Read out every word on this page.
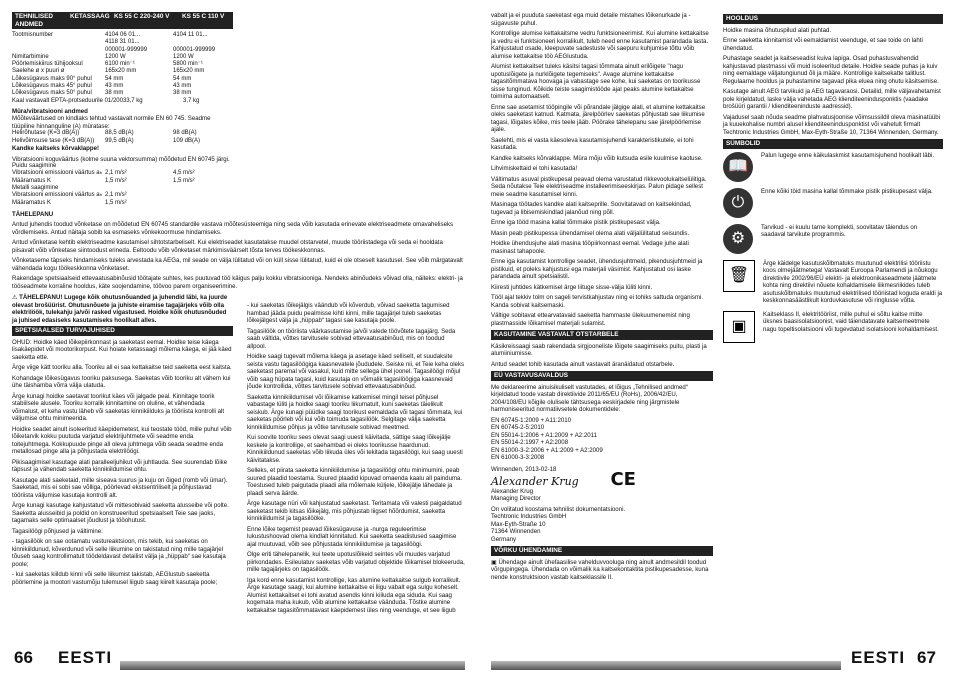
TEHNILISED ANDMED
KETASSAAG KS 55 C 220-240 V	KS 55 C 110 V
Tootmisnumber	4104 06 01...	4104 11 01...
4118 31 01...
000001-999999	000001-999999
Nimitarbimine	1200 W	1200 W
Pöörlemiskiirus tühijooksul	6100 min⁻¹	5800 min⁻¹
Saelehe ø x puuri ø	165x20 mm	165x20 mm
Lõikesügavus maks 90° puhul	54 mm	54 mm
Lõikesügavus maks 45° puhul	43 mm	43 mm
Lõikesügavus maks 50° puhul	38 mm	38 mm
Kaal vastavalt EPTA-protseduurile 01/2003 3,7 kg	3,7 kg

Müra/vibratsiooni andmed

Mõõteväärtused on kindlaks tehtud vastavalt normile EN 60 745. Seadme tüüpiline hinnanguline (A) müratase:

Helirõhutase (K=3 dB(A))	88,5 dB(A)	98 dB(A)
Helivõimsuse tase (K=3 dB(A))	99,5 dB(A)	109 dB(A)

Kandke kaitseks kõrvaklappe!

Vibratsiooni koguväärtus (kolme suuna vektorsumma) mõõdetud EN 60745 järgi.

Puidu saagimine
Vibratsiooni emissiooni väärtus aₕ 2,1 m/s²	4,5 m/s²
Määramatus K	1,5 m/s²	1,5 m/s²
Metalli saagimine
Vibratsiooni emissiooni väärtus aₕ 2,1 m/s²
Määramatus K	1,5 m/s²

TÄHELEPANU

Antud juhendis toodud võnketase on mõõdetud EN 60745 standardile vastava mõõtesüsteemiga ning seda võib kasutada erinevate elektriseadmete omavaheliseks võrdlemiseks. Antud näitaja sobib ka esmaseks võnkekoormuse hindamiseks.

Antud võnketase kehtib elektriseadme kasutamisel sihtotstarbeliselt. Kui elektriseadet kasutatakse muudel otstarvetel, muude tööriistadega või seda ei hooldata piisavalt võib võnketase siintoodust erineda. Eeltoodu võib võnketaset märkimisväärselt tõsta terves töökeskkonnas.

Võnketaseme täpseks hindamiseks tuleks arvestada ka AEGa, mil seade on välja lülitatud või on küll sisse lülitatud, kuid ei ole otseselt kasutusel. See võib märgatavalt vähendada kogu töökeskkonna võnketaset.

Rakendage spetsiaalseid ettevaatusabinõusid töötajate suhtes, kes puutuvad töö käigus palju kokku vibratsiooniga. Nendeks abinõudeks võivad olla, näiteks: elektri- ja tööseadmete korraline hooldus, käte soojendamine, töövoo parem organiseerimine.

⚠ TÄHELEPANU! Lugege kõik ohutusnõuanded ja juhendid läbi, ka juurde olevast brošüürist. Ohutusnõuete ja juhiste eiramise tagajärjeks võib olla elektrilöök, tulekahju ja/või rasked vigastused. Hoidke kõik ohutusnõuded ja juhised edasiseks kasutamiseks hoolikalt alles.
SPETSIAALSED TURVAJUHISED

OHUD: Hoidke käed lõikepiirkonnast ja saeketast eemal. Hoidke teise käega lisakäepidet või mootorikorpust. Kui hoiate ketassaagi mõlema käega, ei jää käed saeketta ette.

Ärge viige kätt tooriku alla. Tooriku all ei saa kettakaitse teid saeketta eest kaitsta.

Kohandage lõikesügavus tooriku paksusega. Saeketas võib tooriku alt vähem kui ühe täishamba võrra välja ulatuda.

Ärge kunagi hoidke saetavat toorikut käes või jalgade peal. Kinnitage toorik stabiilsele alusele. Tooriku korralik kinnitamine on oluline, et vähendada võimalust, et keha vastu läheb või saeketas kinnikiilduks ja tööriista kontrolli alt väljumise ohtu minimeerida.

Hoidke seadet ainult isoleeritud käepidemetest, kui teostate tööd, mille puhul võib lõiketarvik kokku puutuda varjatud elektrijuhtmete või seadme enda toitejuhtmega. Kokkupuude pinge all oleva juhtmega võib seada seadme enda metallosad pinge alla ja põhjustada elektrilöögi.

Pikisaagimisel kasutage alati paralleeljuhikut või juhtlauda. See suurendab lõike täpsust ja vähendab saeketta kinnikiildumise ohtu.

Kasutage alati saeketaid, mille siseava suurus ja kuju on õiged (romb või ümar). Saeketad, mis ei sobi sae võlliga, pöörlevad ekstsentriliselt ja põhjustavad tööriista väljumise kasutaja kontrolli alt.

Ärge kunagi kasutage kahjustatud või mittesobivaid saeketta alusseibe või polte. Saeketta alusseibid ja poldid on konstrueeritud spetsiaalselt Teie sae jaoks, tagamaks selle optimaalset jõudlust ja tööohutust.

Tagasilöögi põhjused ja vältimine:

- tagasilöök on sae ootamatu vastureaktsioon, mis tekib, kui saeketas on kinnikiildunud, kõverdunud või selle liikumine on takistatud ning mille tagajärjel tõuseb saag kontrollimatult töödeldavast detailist välja ja „hüppab“ sae kasutaja poole;

- kui saeketas kiildub kinni või selle liikumist takistab, AEGlustub saeketta pöörlemine ja mootori vastumõju tulemusel liigub saag kiirelt kasutaja poole;

- kui saeketas lõikejälgis väändub või kõverdub, võivad saeketta tagumised hambad jääda puidu pealmisse kihti kinni, mille tagajärjel tuleb saeketas lõikejälgest välja ja „hüppab“ tagasi sae kasutaja poole.

Tagasilöök on tööriista väärkasutamise ja/või valede töövõtete tagajärg. Seda saab vältida, võttes tarvitusele sobivad ettevaatusabinõud, mis on toodud allpool.

Hoidke saagi tugevalt mõlema käega ja asetage käed selliselt, et suudaksite seista vastu tagasilöögiga kaasnevatele jõududele. Seiske nii, et Teie keha oleks saeketast paremal või vasakul, kuid mitte sellega ühel joonel. Tagasilöögi mõjul võib saag hüpata tagasi, kuid kasutaja on võimalik tagasilöögiga kaasnevaid jõude kontrollida, võttes tarvitusele sobivad ettevaatusabinõud.

Saeketta kinnikiildumisel või lõikamise katkemisel mingil teisel põhjusel vabastage lüliti ja hoidke saagi tooriku liikumatult, kuni saeketas täielikult seiskub. Ärge kunagi püüdke saagi toorikust eemaldada või tagasi tõmmata, kui saeketas pöörleb või kui võib toimuda tagasilöök. Selgitage välja saeketta kinnikiildumise põhjus ja võtke tarvitusele sobivad meetmed.

Kui soovite tooriku sees olevat saagi uuesti käivitada, sättige saag lõikejälje keskele ja kontrollige, et saehambad ei oleks toorikusse haardunud. Kinnikiildunud saeketas võib liikuda üles või tekitada tagasilöögi, kui saag uuesti käivitatakse.

Selleks, et piirata saeketta kinnikiildumise ja tagasilöögi ohtu minimumini, peab suured plaadid toestama. Suured plaadid kipuvad omaenda kaalu all painduma. Toestused tuleb paigutada plaadi alla mõlemale küljele, lõikejälje lähedale ja plaadi serva äärde.

Ärge kasutage nüri või kahjustatud saeketast. Teritamata või valesti paigaldatud saeketast tekib kitsas lõikejälg, mis põhjustab liigset hõõrdumist, saeketta kinnikiildumist ja tagasilööke.

Enne lõike tegemist peavad lõikesügavuse ja -nurga reguleerimise lukustushoovad olema kindlalt kinnitatud. Kui saeketta seadistused saagimise ajal muutuvad, võib see põhjustada kinnikiildumise ja tagasilöögi.

Olge eriti tähelepanelik, kui teete upotuslõikeid seintes või muudes varjatud piirkondades. Esileulatuv saeketas võib varjatud objektide lõikamisel blokeeruda, mille tagajärjeks on tagasilöök.

Iga kord enne kasutamist kontrollige, kas alumine kettakaitse sulgub korralikult. Ärge kasutage saagi, kui alumine kettakaitse ei liigu vabalt ega sulgu koheselt. Alumist kettakaitset ei tohi avatud asendis kinni kiiluda ega siduda. Kui saag kogemata maha kukub, võib alumine kettakaitse väänduda. Tõstke alumine kettakaitse tagasitõmmatavast käepidemest üles ning veenduge, et see liigub

66 EESTI

vabalt ja ei puuduta saeketast ega muid detaile mistahes lõikenurkade ja -sügavuste puhul.

Kontrollige alumise kettakaitsme vedru funktsioneerimist. Kui alumine kettakaitse ja vedru ei funktsioneeri korralikult, tuleb need enne kasutamist parandada lasta. Kahjustatud osade, kleepuvate sadestuste või saepuru kuhjumise tõttu võib alumise kettakaitse töö AEGlustuda.

Alumist kettakaitset tuleks käsitsi tagasi tõmmata ainult erilõigete "nagu upotuslõigete ja nurklõigete tegemiseks". Avage alumine kettakaitse tagasitõmmatava hoovaga ja vabastage see kohe, kui saeketas on toorikusse sisse tunginud. Kõikide teiste saagimistööde ajal peaks alumine kettakaitse toimima automaatselt.

Enne sae asetamist tööpingile või põrandale jälgige alati, et alumine kettakaitse oleks saeketast katnud. Katmata, järelpöörlev saeketas põhjustab sae liikumise tagasi, lõigates kõike, mis teele jääb. Pöörake tähelepanu sae järelpöörlemise ajale.

Saelehti, mis ei vasta käesoleva kasutamisjuhendi karakteristikutele, ei tohi kasutada.

Kandke kaitseks kõrvaklappe. Müra mõju võib kutsuda esile kuulmise kaotuse.

Lihvimiskettaid ei tohi kasutada!

Vältimatus asuval pistikupesal peavad olema varustatud rikkevoolukaitselülitiga. Seda nõutakse Teie elektriseadme installeerimiseeskirjas. Palun pidage sellest meie seadme kasutamisel kinni.

Masinaga töötades kandke alati kaitseprille. Soovitatavad on kaitsekindad, tugevad ja libisemiskindlad jalanõud ning põll.

Enne iga tööd masina kallal tõmmake pistik pistikupesast välja.

Masin peab pistikupessa ühendamisel olema alati väljalülitatud seisundis.

Hoidke ühendusjuhe alati masina tööpiirkonnast eemal. Vedage juhe alati masinast tahapoole.

Enne iga kasutamist kontrollige seadet, ühendusjuhtmeid, pikendusjuhtmeid ja pistikuid, et poleks kahjustusi ega materjali väsimist. Kahjustatud osi laske parandada ainult spetsialistil.

Kiiresti juhtides kätkemisel ärge liituge sisse-välja lüliti kinni.

Tööl ajal tekkiv tolm on sageli tervistkahjustav ning ei tohiks sattuda organismi. Kanda sobivat kaitsemaski.

Vältige sobitavat ettearvatavaid saeketta hammaste ülekuumenemist ning plastmasside lõikamisel materjali sulamist.

KASUTAMINE VASTAVALT OTSTARBELE

Käsikreissaagi saab rakendada sirgjooneliste lõigete saagimiseks puitu, plasti ja alumiiniumisse.

Antud seadet tohib kasutada ainult vastavalt äranäidatud otstarbele.

EÜ VASTAVUSAVALDUS

Me deklareerime ainuisikuliselt vastutades, et lõigus „Tehnilised andmed“ kirjeldatud toode vastab direktiivide 2011/65/EU (RoHs), 2006/42/EU, 2004/108/EU kõigile olulisele tähtsusega eeskirjadele ning järgmistele harmoniseeritud normatiivsetele dokumentidele:

EN 60745-1:2009 + A11:2010
EN 60745-2-5:2010
EN 55014-1:2006 + A1:2009 + A2:2011
EN 55014-2:1997 + A2:2008
EN 61000-3-2:2006 + A1:2009 + A2:2009
EN 61000-3-3:2008

Winnenden, 2013-02-18

Alexander Krug CE

Alexander Krug

Managing Director

On volitatud koostama tehnilist dokumentatsiooni.

Techtronic Industries GmbH
Max-Eyth-Straße 10
71364 Winnenden
Germany
VÕRKU ÜHENDAMINE

▣ Ühendage ainult ühefaasilise vahelduvvooluga ning ainult andmesildil toodud võrgupingega. Ühendada on võimalik ka kaitsekontaktita pistikupesadesse, kuna nende konstruktsioon vastab kaitseklassile II.

HOOLDUS

Hoidke masina õhutuspilud alati puhtad.

Enne saeketta kinnitamist või eemaldamist veenduge, et sae toide on lahti ühendatud.

Puhastage seadet ja kaitseseadist kuiva lapiga. Osad puhastusvahendid kahjustavad plastmassi või muid isoleeritud detaile. Hoidke seade puhas ja kuiv ning eemaldage väljatungiunud õli ja määre. Kontrollige kaitsekatte talitlust. Regulaarne hooldus ja puhastamine tagavad pika eluea ning ohutu käsitsemise.

Kasutage ainult AEG tarvikuid ja AEG tagavaraosi. Detailid, mille väljavahetamist pole kirjeldatud, laske välja vahetada AEG klienditeenindusponktis (vaadake brošüüri garantii / klienditeeninduste aadressid).

Vajadusel saab nõuda seadme plahvatusjoonise võimsussildil oleva masinatüübi ja kuuekohalise numbri alusel klienditeenindusponktist või vahetult firmalt Techtronic Industries GmbH, Max-Eyth-Straße 10, 71364 Winnenden, Germany.

SÜMBOLID
📖
Palun lugege enne käikulaskmist kasutamisjuhend hoolikalt läbi.
⏻
Enne kõiki töid masina kallal tõmmake pistik pistikupesast välja.
⚙
Tarvikud - ei kuulu tarne komplekti, soovitatav täiendus on saadaval tarvikute programmis.
🗑
Ärge käidelge kasutuskõlbmatuks muutunud elektrilisi tööriistu koos olmejäätmetega! Vastavalt Euroopa Parlamendi ja nõukogu direktiivile 2002/96/EÜ elektri- ja elektroonikaseadmete jäätmete kohta ning direktiivi nõuete kohaldamisele liikmesriikides tuleb asutuskõlbmatuks muutunud elektrilised tööriistad koguda eraldi ja keskkonnasäästlikult korduvkasutuse või ringlusse võtta.
▣
Kaitseklass II, elektritööriist, mille puhul ei sõltu kaitse mitte üksnes baasisolatsioonist, vaid täiendatavate kaitsemeetmete nagu topeltisolatsiooni või tugevdatud isolatsiooni kohaldamisest.
EESTI 67
